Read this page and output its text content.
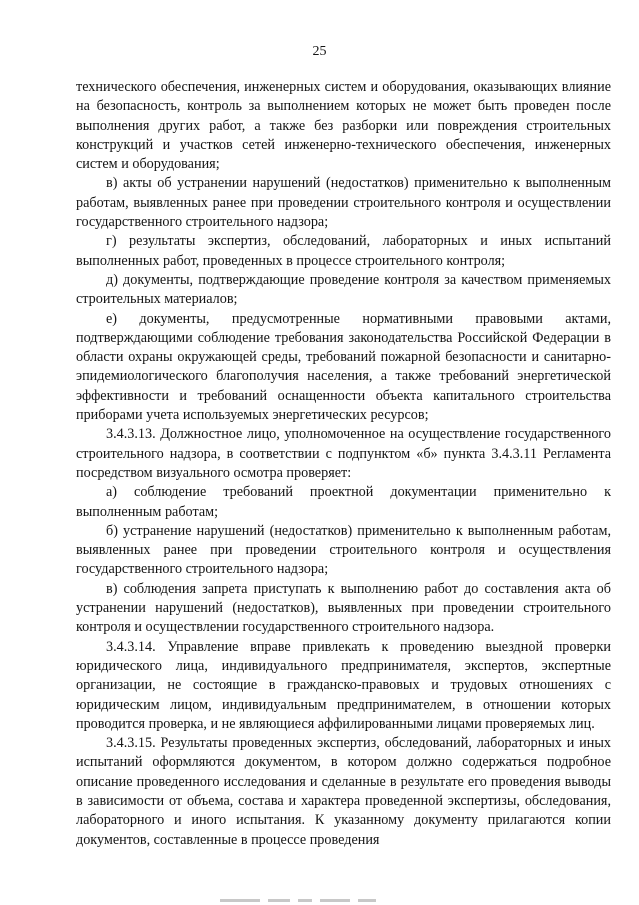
25

технического обеспечения, инженерных систем и оборудования, оказывающих влияние на безопасность, контроль за выполнением которых не может быть проведен после выполнения других работ, а также без разборки или повреждения строительных конструкций и участков сетей инженерно-технического обеспечения, инженерных систем и оборудования;

в) акты об устранении нарушений (недостатков) применительно к выполненным работам, выявленных ранее при проведении строительного контроля и осуществлении государственного строительного надзора;

г) результаты экспертиз, обследований, лабораторных и иных испытаний выполненных работ, проведенных в процессе строительного контроля;

д) документы, подтверждающие проведение контроля за качеством применяемых строительных материалов;

е) документы, предусмотренные нормативными правовыми актами, подтверждающими соблюдение требования законодательства Российской Федерации в области охраны окружающей среды, требований пожарной безопасности и санитарно-эпидемиологического благополучия населения, а также требований энергетической эффективности и требований оснащенности объекта капитального строительства приборами учета используемых энергетических ресурсов;

3.4.3.13. Должностное лицо, уполномоченное на осуществление государственного строительного надзора, в соответствии с подпунктом «б» пункта 3.4.3.11 Регламента посредством визуального осмотра проверяет:

а) соблюдение требований проектной документации применительно к выполненным работам;

б) устранение нарушений (недостатков) применительно к выполненным работам, выявленных ранее при проведении строительного контроля и осуществления государственного строительного надзора;

в) соблюдения запрета приступать к выполнению работ до составления акта об устранении нарушений (недостатков), выявленных при проведении строительного контроля и осуществлении государственного строительного надзора.

3.4.3.14. Управление вправе привлекать к проведению выездной проверки юридического лица, индивидуального предпринимателя, экспертов, экспертные организации, не состоящие в гражданско-правовых и трудовых отношениях с юридическим лицом, индивидуальным предпринимателем, в отношении которых проводится проверка, и не являющиеся аффилированными лицами проверяемых лиц.

3.4.3.15. Результаты проведенных экспертиз, обследований, лабораторных и иных испытаний оформляются документом, в котором должно содержаться подробное описание проведенного исследования и сделанные в результате его проведения выводы в зависимости от объема, состава и характера проведенной экспертизы, обследования, лабораторного и иного испытания. К указанному документу прилагаются копии документов, составленные в процессе проведения
